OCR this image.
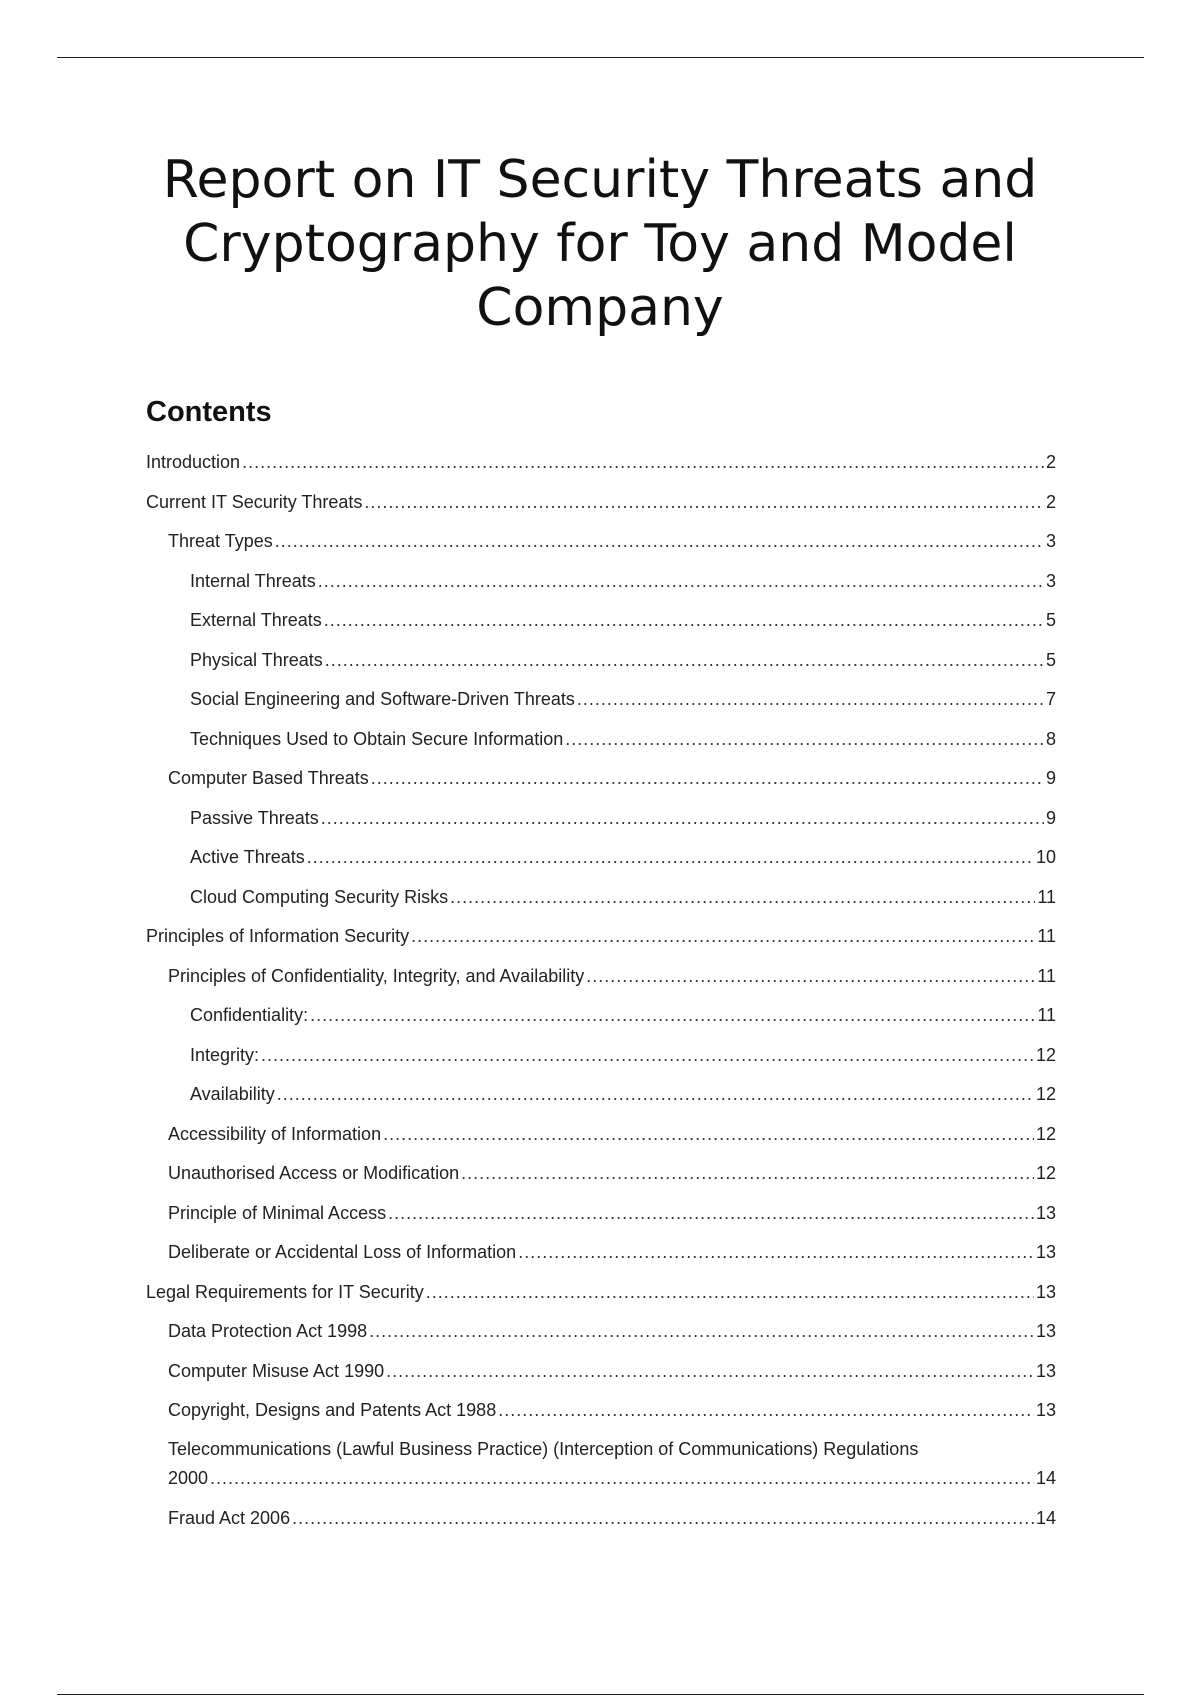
Report on IT Security Threats and Cryptography for Toy and Model Company
Contents
Introduction .....	2
Current IT Security Threats .....	2
Threat Types .....	3
Internal Threats .....	3
External Threats .....	5
Physical Threats .....	5
Social Engineering and Software-Driven Threats .....	7
Techniques Used to Obtain Secure Information .....	8
Computer Based Threats .....	9
Passive Threats .....	9
Active Threats .....	10
Cloud Computing Security Risks .....	11
Principles of Information Security .....	11
Principles of Confidentiality, Integrity, and Availability .....	11
Confidentiality: .....	11
Integrity: .....	12
Availability .....	12
Accessibility of Information .....	12
Unauthorised Access or Modification .....	12
Principle of Minimal Access .....	13
Deliberate or Accidental Loss of Information .....	13
Legal Requirements for IT Security .....	13
Data Protection Act 1998 .....	13
Computer Misuse Act 1990 .....	13
Copyright, Designs and Patents Act 1988 .....	13
Telecommunications (Lawful Business Practice) (Interception of Communications) Regulations
2000 .....	14
Fraud Act 2006 .....	14
